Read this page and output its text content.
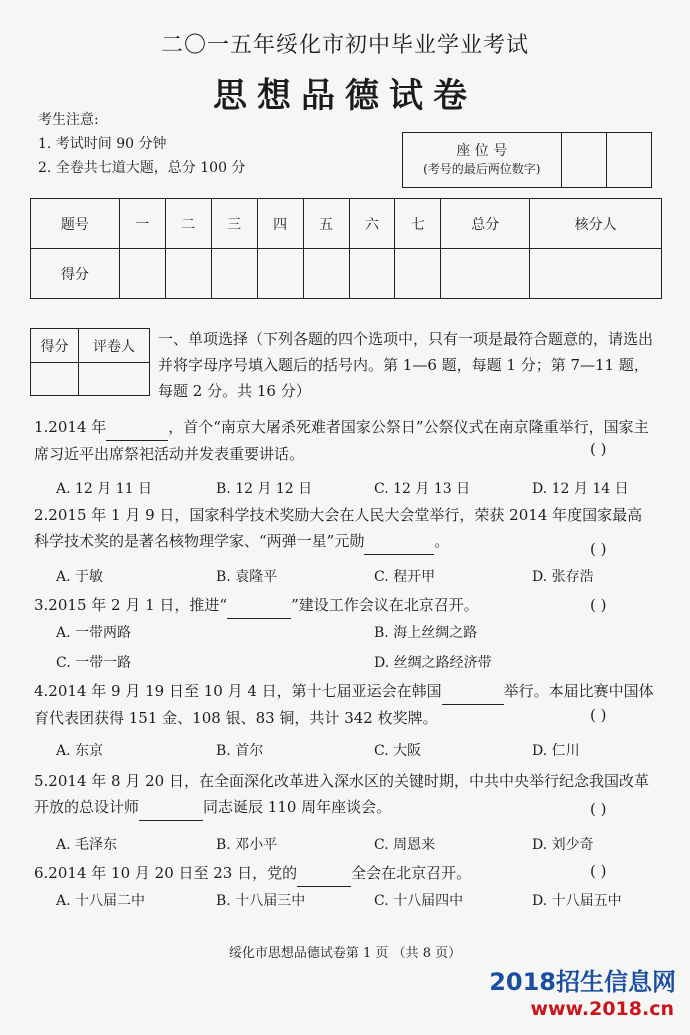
二〇一五年绥化市初中毕业学业考试
思想品德试卷
考生注意:
1. 考试时间 90 分钟
2. 全卷共七道大题，总分 100 分
座 位 号
(考号的最后两位数字)

题号	一	二	三	四	五	六	七	总分	核分人
得分									
得分	评卷人
	一、单项选择（下列各题的四个选项中，只有一项是最符合题意的，请选出并将字母序号填入题后的括号内。第 1—6 题，每题 1 分；第 7—11 题，每题 2 分。共 16 分）
1.2014 年	，首个“南京大屠杀死难者国家公祭日”公祭仪式在南京隆重举行，国家主席习近平出席祭祀活动并发表重要讲话。	( )
A. 12 月 11 日	B. 12 月 12 日	C. 12 月 13 日	D. 12 月 14 日
2.2015 年 1 月 9 日，国家科学技术奖励大会在人民大会堂举行，荣获 2014 年度国家最高科学技术奖的是著名核物理学家、“两弹一星”元勋	。	( )
A. 于敏	B. 袁隆平	C. 程开甲	D. 张存浩
3.2015 年 2 月 1 日，推进“	”建设工作会议在北京召开。	( )
A. 一带两路	B. 海上丝绸之路
C. 一带一路	D. 丝绸之路经济带
4.2014 年 9 月 19 日至 10 月 4 日，第十七届亚运会在韩国	举行。本届比赛中国体育代表团获得 151 金、108 银、83 铜，共计 342 枚奖牌。	( )
A. 东京	B. 首尔	C. 大阪	D. 仁川
5.2014 年 8 月 20 日，在全面深化改革进入深水区的关键时期，中共中央举行纪念我国改革开放的总设计师	同志诞辰 110 周年座谈会。	( )
A. 毛泽东	B. 邓小平	C. 周恩来	D. 刘少奇
6.2014 年 10 月 20 日至 23 日，党的	全会在北京召开。	( )
A. 十八届二中	B. 十八届三中	C. 十八届四中	D. 十八届五中
绥化市思想品德试卷第 1 页 （共 8 页）
2018招生信息网
www.2018.cn
